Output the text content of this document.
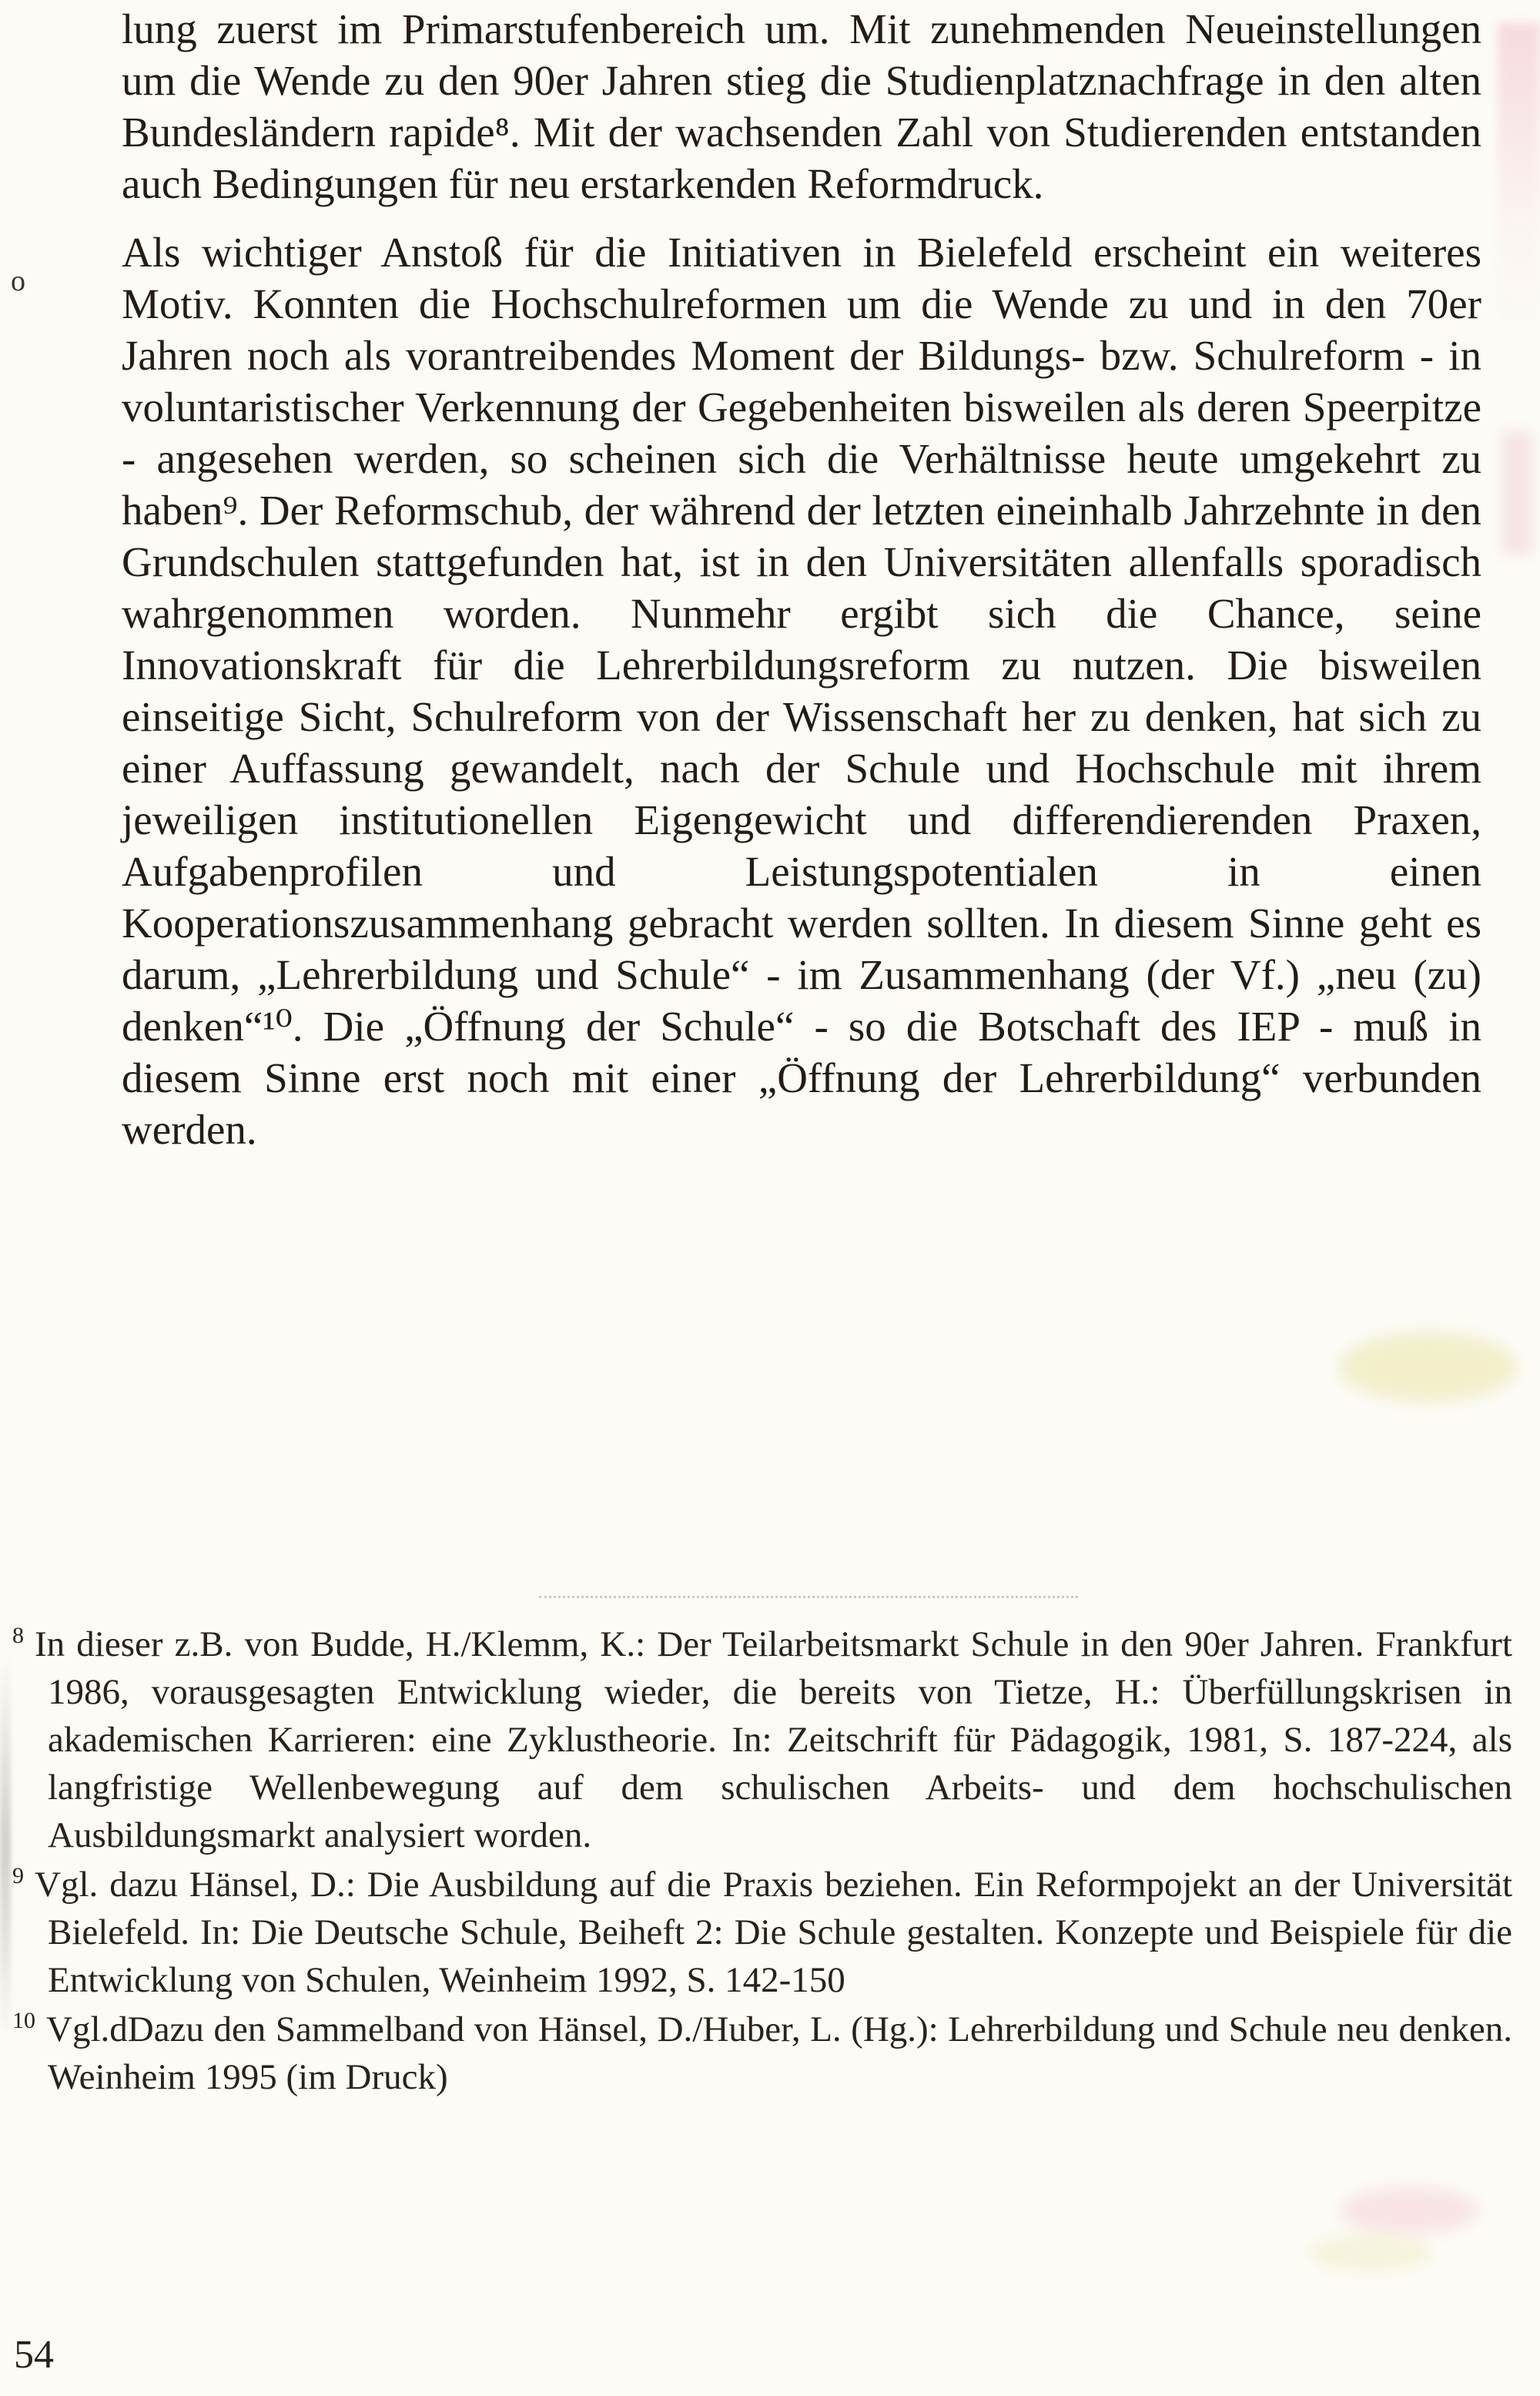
o

lung zuerst im Primarstufenbereich um. Mit zunehmenden Neueinstellungen um die Wende zu den 90er Jahren stieg die Studienplatznachfrage in den alten Bundesländern rapide⁸. Mit der wachsenden Zahl von Studierenden entstanden auch Bedingungen für neu erstarkenden Reformdruck.

Als wichtiger Anstoß für die Initiativen in Bielefeld erscheint ein weiteres Motiv. Konnten die Hochschulreformen um die Wende zu und in den 70er Jahren noch als vorantreibendes Moment der Bildungs- bzw. Schulreform - in voluntaristischer Verkennung der Gegebenheiten bisweilen als deren Speerpitze - angesehen werden, so scheinen sich die Verhältnisse heute umgekehrt zu haben⁹. Der Reformschub, der während der letzten eineinhalb Jahrzehnte in den Grundschulen stattgefunden hat, ist in den Universitäten allenfalls sporadisch wahrgenommen worden. Nunmehr ergibt sich die Chance, seine Innovationskraft für die Lehrerbildungsreform zu nutzen. Die bisweilen einseitige Sicht, Schulreform von der Wissenschaft her zu denken, hat sich zu einer Auffassung gewandelt, nach der Schule und Hochschule mit ihrem jeweiligen institutionellen Eigengewicht und differendierenden Praxen, Aufgabenprofilen und Leistungspotentialen in einen Kooperationszusammenhang gebracht werden sollten. In diesem Sinne geht es darum, „Lehrerbildung und Schule“ - im Zusammenhang (der Vf.) „neu (zu) denken“¹⁰. Die „Öffnung der Schule“ - so die Botschaft des IEP - muß in diesem Sinne erst noch mit einer „Öffnung der Lehrerbildung“ verbunden werden.

$^8$ In dieser z.B. von Budde, H./Klemm, K.: Der Teilarbeitsmarkt Schule in den 90er Jahren. Frankfurt 1986, vorausgesagten Entwicklung wieder, die bereits von Tietze, H.: Überfüllungskrisen in akademischen Karrieren: eine Zyklustheorie. In: Zeitschrift für Pädagogik, 1981, S. 187-224, als langfristige Wellenbewegung auf dem schulischen Arbeits- und dem hochschulischen Ausbildungsmarkt analysiert worden.

$^9$ Vgl. dazu Hänsel, D.: Die Ausbildung auf die Praxis beziehen. Ein Reformpojekt an der Universität Bielefeld. In: Die Deutsche Schule, Beiheft 2: Die Schule gestalten. Konzepte und Beispiele für die Entwicklung von Schulen, Weinheim 1992, S. 142-150

$^{10}$ Vgl.dDazu den Sammelband von Hänsel, D./Huber, L. (Hg.): Lehrerbildung und Schule neu denken. Weinheim 1995 (im Druck)

54
